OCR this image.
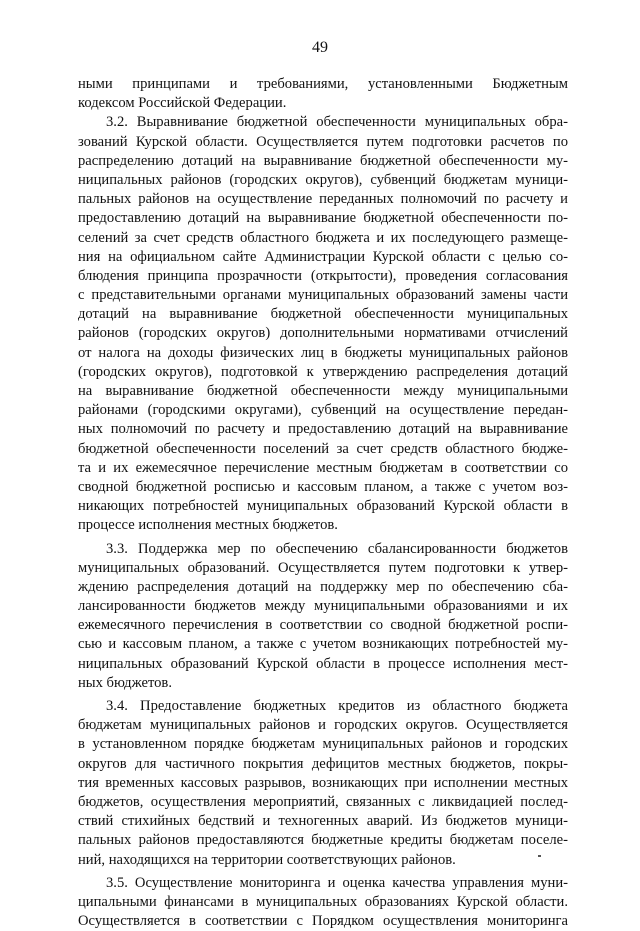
49
ными принципами и требованиями, установленными Бюджетным
кодексом Российской Федерации.
3.2. Выравнивание бюджетной обеспеченности муниципальных обра-
зований Курской области. Осуществляется путем подготовки расчетов по
распределению дотаций на выравнивание бюджетной обеспеченности му-
ниципальных районов (городских округов), субвенций бюджетам муници-
пальных районов на осуществление переданных полномочий по расчету и
предоставлению дотаций на выравнивание бюджетной обеспеченности по-
селений за счет средств областного бюджета и их последующего размеще-
ния на официальном сайте Администрации Курской области с целью со-
блюдения принципа прозрачности (открытости), проведения согласования
с представительными органами муниципальных образований замены части
дотаций на выравнивание бюджетной обеспеченности муниципальных
районов (городских округов) дополнительными нормативами отчислений
от налога на доходы физических лиц в бюджеты муниципальных районов
(городских округов), подготовкой к утверждению распределения дотаций
на выравнивание бюджетной обеспеченности между муниципальными
районами (городскими округами), субвенций на осуществление передан-
ных полномочий по расчету и предоставлению дотаций на выравнивание
бюджетной обеспеченности поселений за счет средств областного бюдже-
та и их ежемесячное перечисление местным бюджетам в соответствии со
сводной бюджетной росписью и кассовым планом, а также с учетом воз-
никающих потребностей муниципальных образований Курской области в
процессе исполнения местных бюджетов.
3.3. Поддержка мер по обеспечению сбалансированности бюджетов
муниципальных образований. Осуществляется путем подготовки к утвер-
ждению распределения дотаций на поддержку мер по обеспечению сба-
лансированности бюджетов между муниципальными образованиями и их
ежемесячного перечисления в соответствии со сводной бюджетной роспи-
сью и кассовым планом, а также с учетом возникающих потребностей му-
ниципальных образований Курской области в процессе исполнения мест-
ных бюджетов.
3.4. Предоставление бюджетных кредитов из областного бюджета
бюджетам муниципальных районов и городских округов. Осуществляется
в установленном порядке бюджетам муниципальных районов и городских
округов для частичного покрытия дефицитов местных бюджетов, покры-
тия временных кассовых разрывов, возникающих при исполнении местных
бюджетов, осуществления мероприятий, связанных с ликвидацией послед-
ствий стихийных бедствий и техногенных аварий. Из бюджетов муници-
пальных районов предоставляются бюджетные кредиты бюджетам поселе-
ний, находящихся на территории соответствующих районов.
3.5. Осуществление мониторинга и оценка качества управления муни-
ципальными финансами в муниципальных образованиях Курской области.
Осуществляется в соответствии с Порядком осуществления мониторинга
